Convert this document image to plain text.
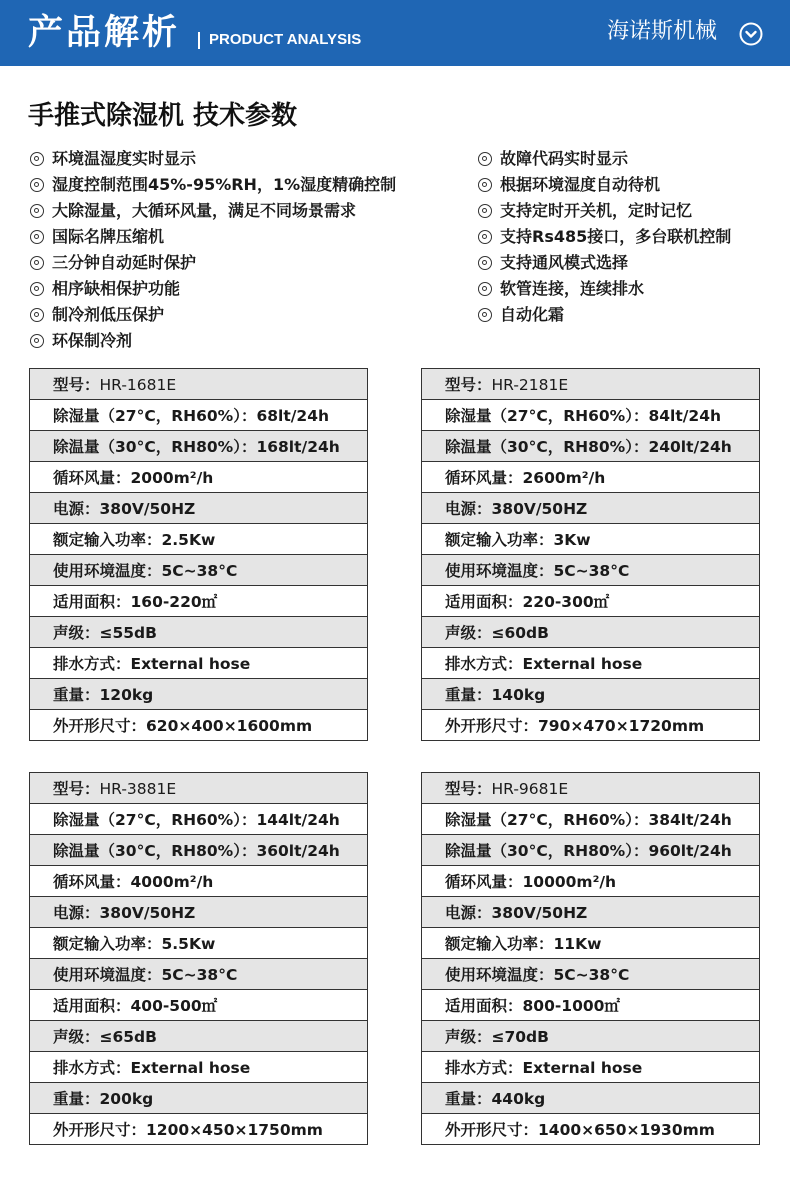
产品解析 PRODUCT ANALYSIS	海诺斯机械
手推式除湿机 技术参数
环境温湿度实时显示
湿度控制范围45%-95%RH，1%湿度精确控制
大除湿量，大循环风量，满足不同场景需求
国际名牌压缩机
三分钟自动延时保护
相序缺相保护功能
制冷剂低压保护
环保制冷剂
故障代码实时显示
根据环境湿度自动待机
支持定时开关机，定时记忆
支持Rs485接口，多台联机控制
支持通风模式选择
软管连接，连续排水
自动化霜
型号：HR-1681E
除湿量（27°C，RH60%）：68lt/24h
除温量（30°C，RH80%）：168lt/24h
循环风量：2000m²/h
电源：380V/50HZ
额定输入功率：2.5Kw
使用环境温度：5C~38°C
适用面积：160-220㎡
声级：≤55dB
排水方式：External hose
重量：120kg
外开形尺寸：620×400×1600mm
型号：HR-2181E
除湿量（27°C，RH60%）：84lt/24h
除温量（30°C，RH80%）：240lt/24h
循环风量：2600m²/h
电源：380V/50HZ
额定输入功率：3Kw
使用环境温度：5C~38°C
适用面积：220-300㎡
声级：≤60dB
排水方式：External hose
重量：140kg
外开形尺寸：790×470×1720mm
型号：HR-3881E
除湿量（27°C，RH60%）：144lt/24h
除温量（30°C，RH80%）：360lt/24h
循环风量：4000m²/h
电源：380V/50HZ
额定输入功率：5.5Kw
使用环境温度：5C~38°C
适用面积：400-500㎡
声级：≤65dB
排水方式：External hose
重量：200kg
外开形尺寸：1200×450×1750mm
型号：HR-9681E
除湿量（27°C，RH60%）：384lt/24h
除温量（30°C，RH80%）：960lt/24h
循环风量：10000m²/h
电源：380V/50HZ
额定输入功率：11Kw
使用环境温度：5C~38°C
适用面积：800-1000㎡
声级：≤70dB
排水方式：External hose
重量：440kg
外开形尺寸：1400×650×1930mm
